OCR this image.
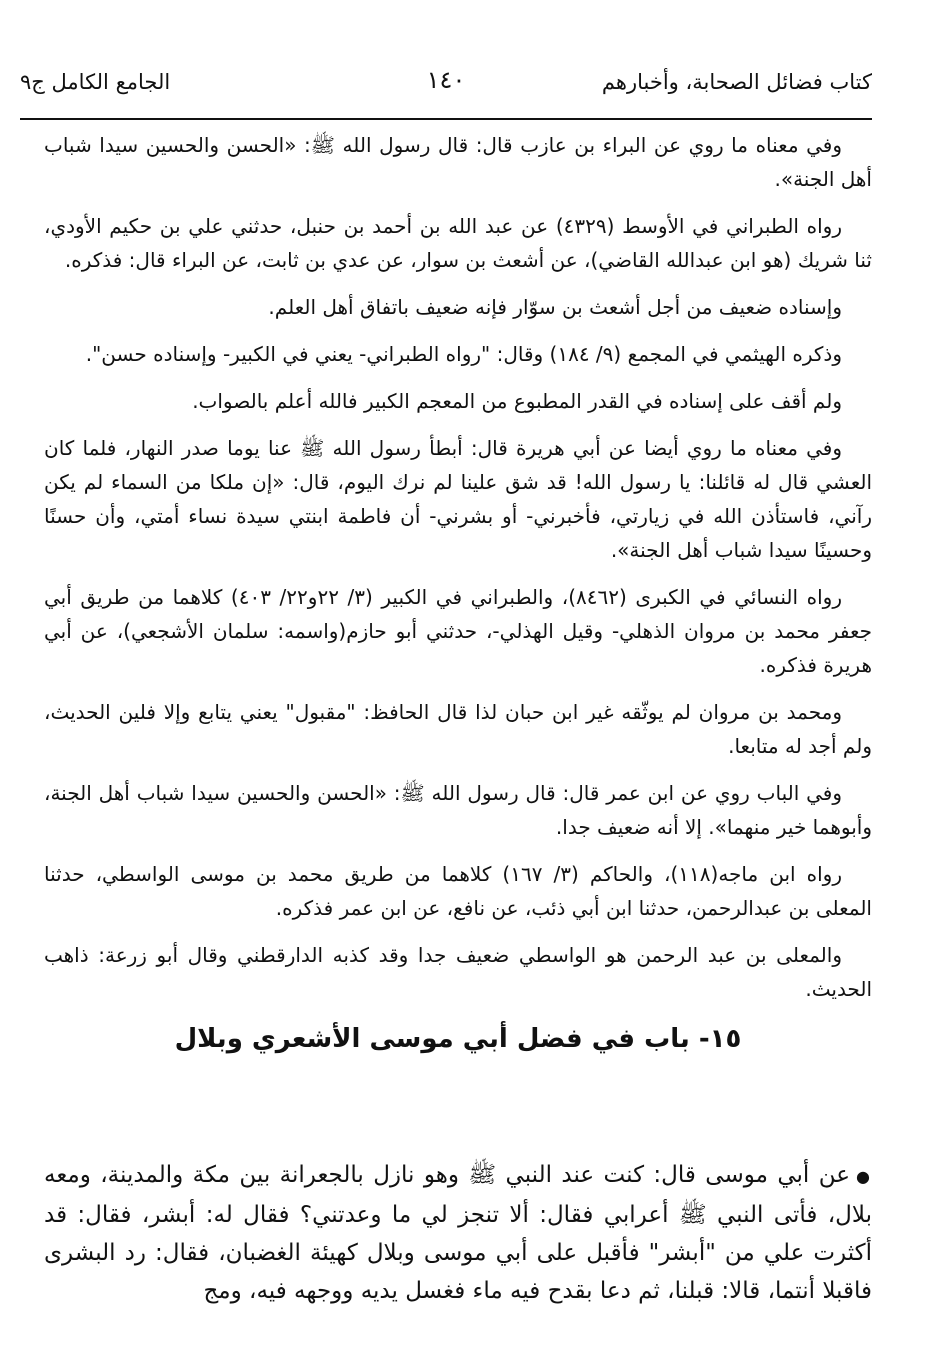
كتاب فضائل الصحابة، وأخبارهم
١٤٠
الجامع الكامل ج٩

وفي معناه ما روي عن البراء بن عازب قال: قال رسول الله ﷺ: «الحسن والحسين سيدا شباب أهل الجنة».

رواه الطبراني في الأوسط (٤٣٢٩) عن عبد الله بن أحمد بن حنبل، حدثني علي بن حكيم الأودي، ثنا شريك (هو ابن عبدالله القاضي)، عن أشعث بن سوار، عن عدي بن ثابت، عن البراء قال: فذكره.

وإسناده ضعيف من أجل أشعث بن سوّار فإنه ضعيف باتفاق أهل العلم.

وذكره الهيثمي في المجمع (٩/ ١٨٤) وقال: "رواه الطبراني- يعني في الكبير- وإسناده حسن".

ولم أقف على إسناده في القدر المطبوع من المعجم الكبير فالله أعلم بالصواب.

وفي معناه ما روي أيضا عن أبي هريرة قال: أبطأ رسول الله ﷺ عنا يوما صدر النهار، فلما كان العشي قال له قائلنا: يا رسول الله! قد شق علينا لم نرك اليوم، قال: «إن ملكا من السماء لم يكن رآني، فاستأذن الله في زيارتي، فأخبرني- أو بشرني- أن فاطمة ابنتي سيدة نساء أمتي، وأن حسنًا وحسينًا سيدا شباب أهل الجنة».

رواه النسائي في الكبرى (٨٤٦٢)، والطبراني في الكبير (٣/ ٢٢و٢٢/ ٤٠٣) كلاهما من طريق أبي جعفر محمد بن مروان الذهلي- وقيل الهذلي-، حدثني أبو حازم(واسمه: سلمان الأشجعي)، عن أبي هريرة فذكره.

ومحمد بن مروان لم يوثّقه غير ابن حبان لذا قال الحافظ: "مقبول" يعني يتابع وإلا فلين الحديث، ولم أجد له متابعا.

وفي الباب روي عن ابن عمر قال: قال رسول الله ﷺ: «الحسن والحسين سيدا شباب أهل الجنة، وأبوهما خير منهما». إلا أنه ضعيف جدا.

رواه ابن ماجه(١١٨)، والحاكم (٣/ ١٦٧) كلاهما من طريق محمد بن موسى الواسطي، حدثنا المعلى بن عبدالرحمن، حدثنا ابن أبي ذئب، عن نافع، عن ابن عمر فذكره.

والمعلى بن عبد الرحمن هو الواسطي ضعيف جدا وقد كذبه الدارقطني وقال أبو زرعة: ذاهب الحديث.

١٥- باب في فضل أبي موسى الأشعري وبلال

●عن أبي موسى قال: كنت عند النبي ﷺ وهو نازل بالجعرانة بين مكة والمدينة، ومعه بلال، فأتى النبي ﷺ أعرابي فقال: ألا تنجز لي ما وعدتني؟ فقال له: أبشر، فقال: قد أكثرت علي من "أبشر" فأقبل على أبي موسى وبلال كهيئة الغضبان، فقال: رد البشرى فاقبلا أنتما، قالا: قبلنا، ثم دعا بقدح فيه ماء فغسل يديه ووجهه فيه، ومج
